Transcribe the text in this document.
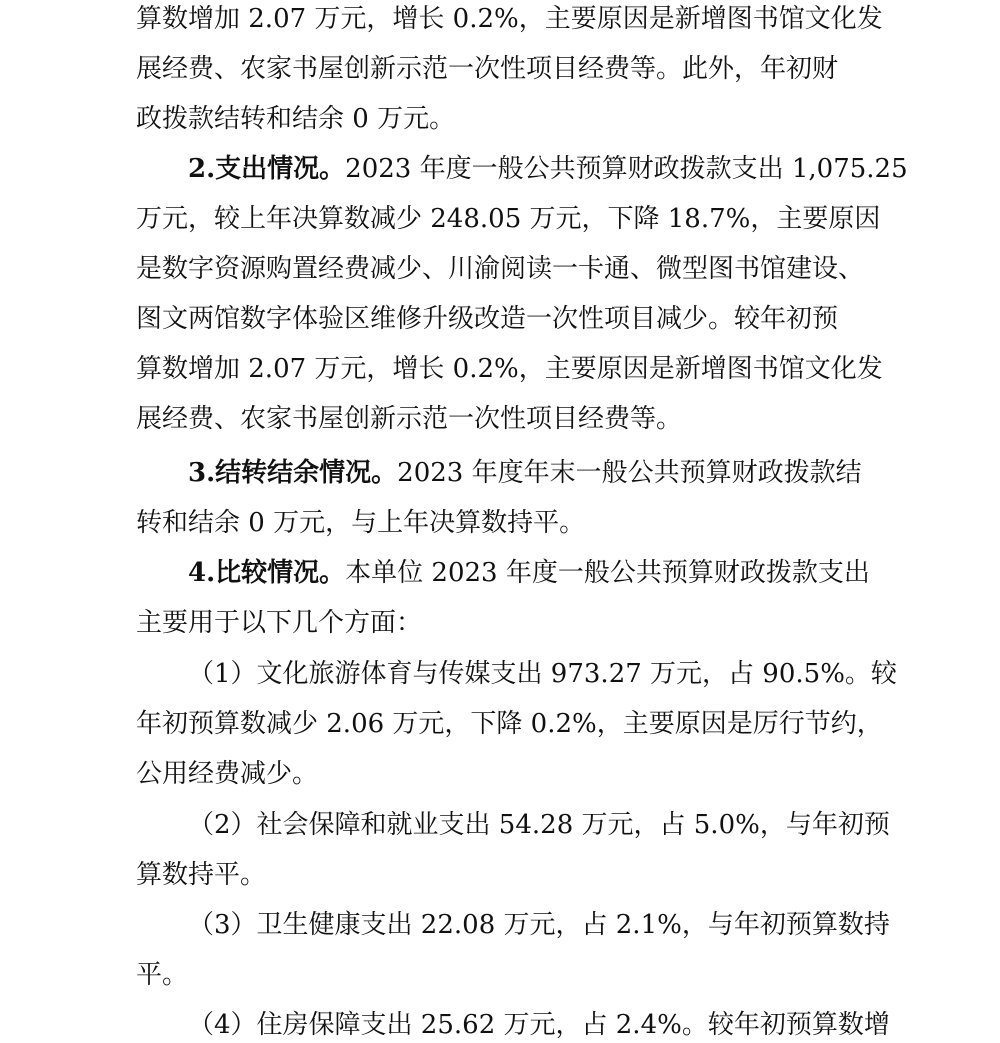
算数增加 2.07 万元，增长 0.2%，主要原因是新增图书馆文化发
展经费、农家书屋创新示范一次性项目经费等。此外，年初财
政拨款结转和结余 0 万元。
2.支出情况。2023 年度一般公共预算财政拨款支出 1,075.25
万元，较上年决算数减少 248.05 万元，下降 18.7%，主要原因
是数字资源购置经费减少、川渝阅读一卡通、微型图书馆建设、
图文两馆数字体验区维修升级改造一次性项目减少。较年初预
算数增加 2.07 万元，增长 0.2%，主要原因是新增图书馆文化发
展经费、农家书屋创新示范一次性项目经费等。
3.结转结余情况。2023 年度年末一般公共预算财政拨款结
转和结余 0 万元，与上年决算数持平。
4.比较情况。本单位 2023 年度一般公共预算财政拨款支出
主要用于以下几个方面：
（1）文化旅游体育与传媒支出 973.27 万元，占 90.5%。较
年初预算数减少 2.06 万元，下降 0.2%，主要原因是厉行节约，
公用经费减少。
（2）社会保障和就业支出 54.28 万元，占 5.0%，与年初预
算数持平。
（3）卫生健康支出 22.08 万元，占 2.1%，与年初预算数持
平。
（4）住房保障支出 25.62 万元，占 2.4%。较年初预算数增
